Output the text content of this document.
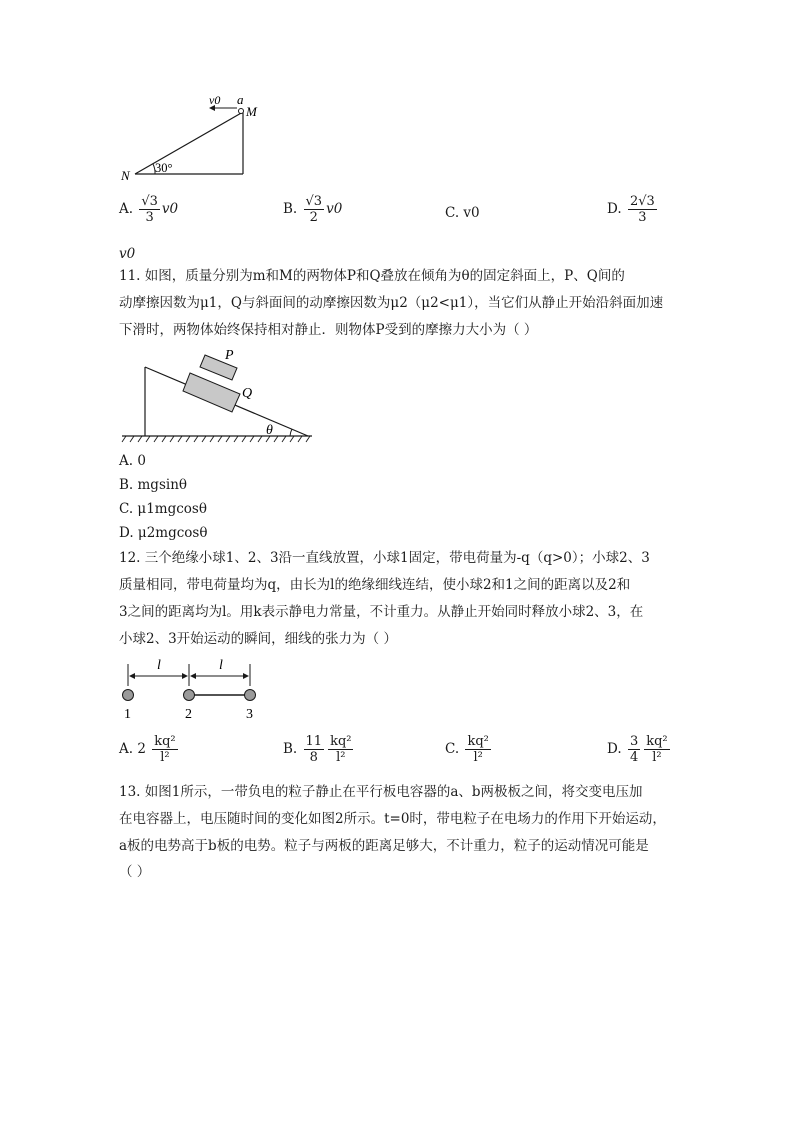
v0 a
M
N 30°
A. $\frac{√3}{3} v0$	B. $\frac{√3}{2} v0$	C. v0	D. $\frac{2√3}{3}$
v0
11. 如图，质量分别为m和M的两物体P和Q叠放在倾角为θ的固定斜面上，P、Q间的
动摩擦因数为μ1，Q与斜面间的动摩擦因数为μ2（μ2<μ1），当它们从静止开始沿斜面加速
下滑时，两物体始终保持相对静止．则物体P受到的摩擦力大小为（ ）
P
Q
θ
A. 0
B. mgsinθ
C. μ1mgcosθ
D. μ2mgcosθ
12. 三个绝缘小球1、2、3沿一直线放置，小球1固定，带电荷量为-q（q>0）；小球2、3
质量相同，带电荷量均为q，由长为l的绝缘细线连结，使小球2和1之间的距离以及2和
3之间的距离均为l。用k表示静电力常量，不计重力。从静止开始同时释放小球2、3，在
小球2、3开始运动的瞬间，细线的张力为（ ）
l	l
1	2	3
A. $2 \frac{\text{kq²}}{\text{l²}}$	B. $\frac{11}{8} \frac{\text{kq²}}{\text{l²}}$	C. $\frac{\text{kq²}}{\text{l²}}$	D. $\frac{3}{4} \frac{\text{kq²}}{\text{l²}}$
13. 如图1所示，一带负电的粒子静止在平行板电容器的a、b两极板之间，将交变电压加
在电容器上，电压随时间的变化如图2所示。t=0时，带电粒子在电场力的作用下开始运动，
a板的电势高于b板的电势。粒子与两板的距离足够大，不计重力，粒子的运动情况可能是
（ ）
